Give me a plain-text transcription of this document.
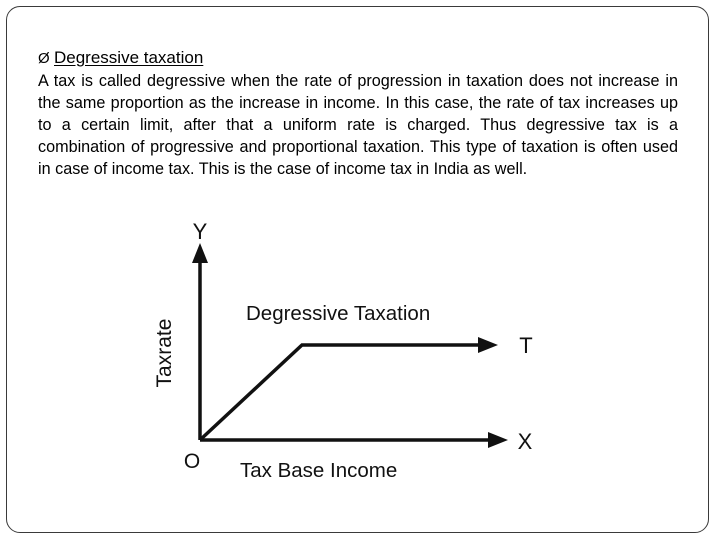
Ø Degressive taxation

A tax is called degressive when the rate of progression in taxation does not increase in the same proportion as the increase in income. In this case, the rate of tax increases up to a certain limit, after that a uniform rate is charged. Thus degressive tax is a combination of progressive and proportional taxation. This type of taxation is often used in case of income tax. This is the case of income tax in India as well.

Y
X
O
T
Degressive Taxation
Taxrate
Tax Base Income
